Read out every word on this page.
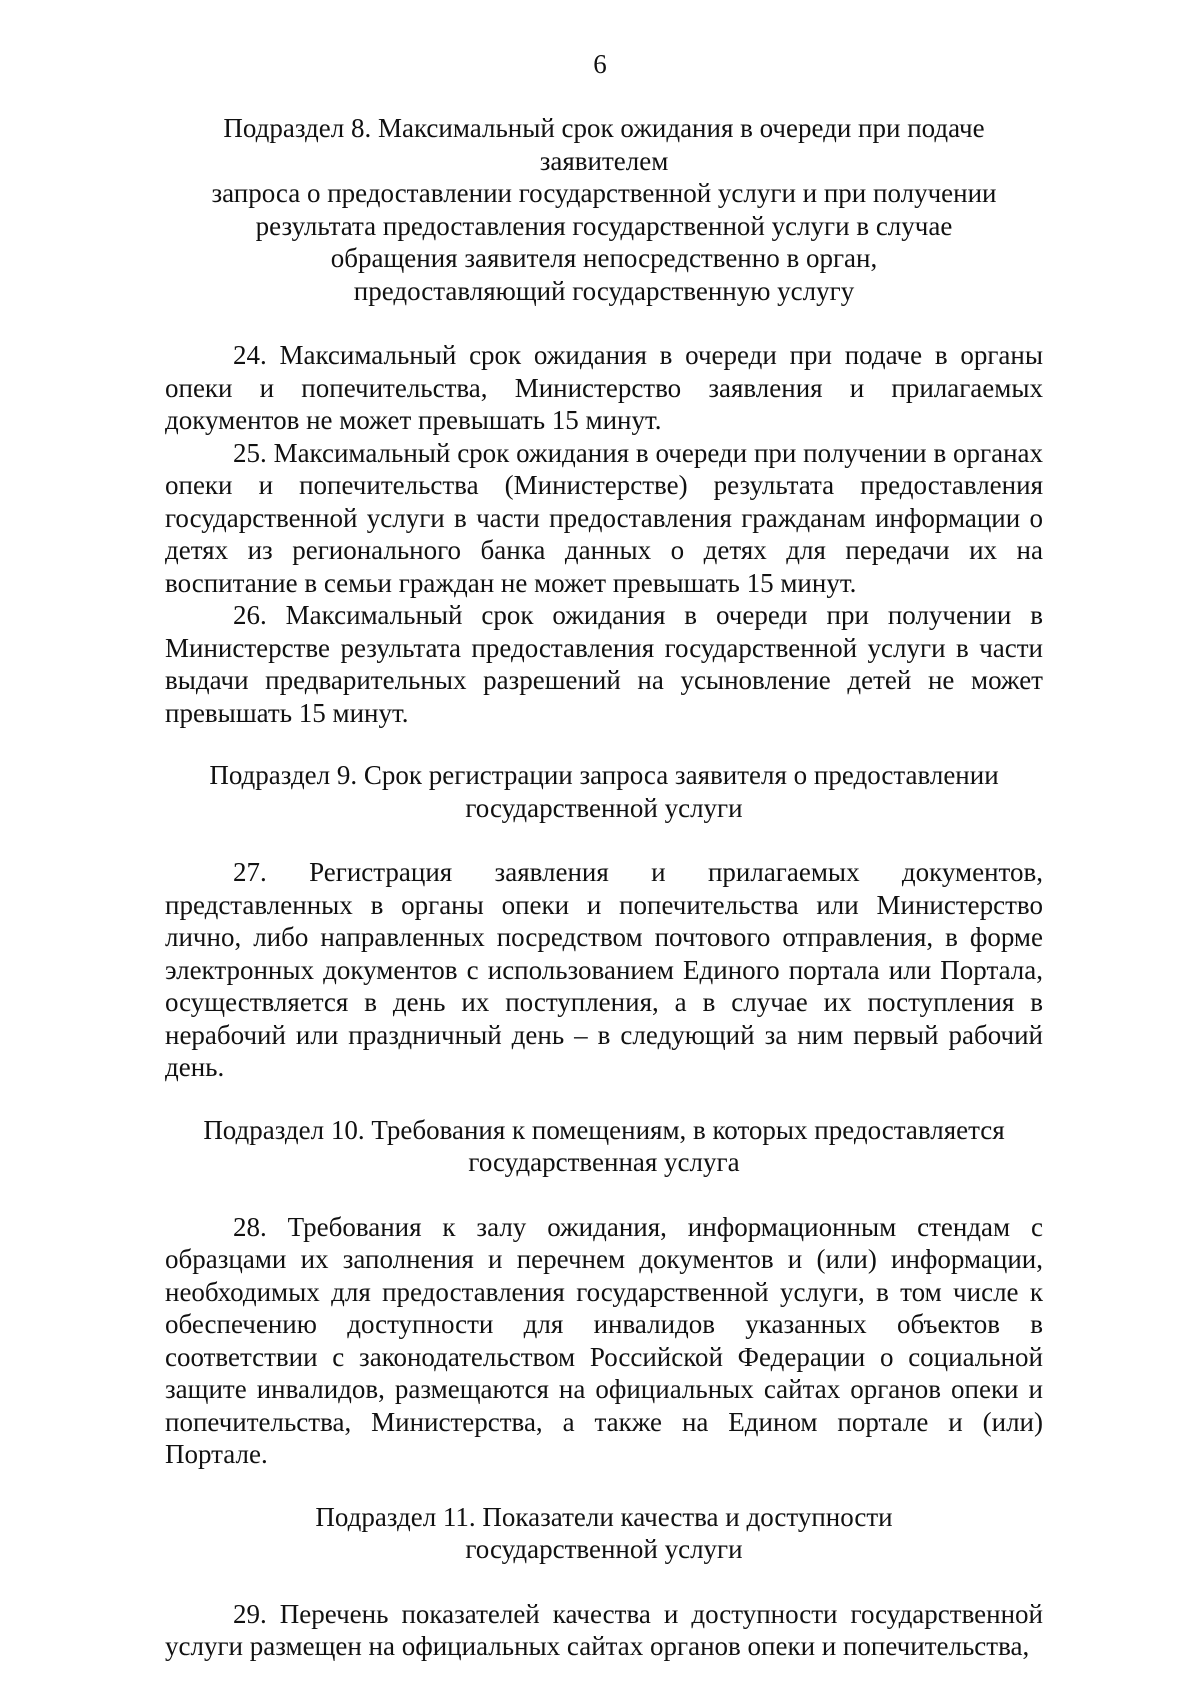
6

Подраздел 8. Максимальный срок ожидания в очереди при подаче заявителем
запроса о предоставлении государственной услуги и при получении
результата предоставления государственной услуги в случае
обращения заявителя непосредственно в орган,
предоставляющий государственную услугу

24. Максимальный срок ожидания в очереди при подаче в органы опеки и попечительства, Министерство заявления и прилагаемых документов не может превышать 15 минут.

25. Максимальный срок ожидания в очереди при получении в органах опеки и попечительства (Министерстве) результата предоставления государственной услуги в части предоставления гражданам информации о детях из регионального банка данных о детях для передачи их на воспитание в семьи граждан не может превышать 15 минут.

26. Максимальный срок ожидания в очереди при получении в Министерстве результата предоставления государственной услуги в части выдачи предварительных разрешений на усыновление детей не может превышать 15 минут.

Подраздел 9. Срок регистрации запроса заявителя о предоставлении
государственной услуги

27. Регистрация заявления и прилагаемых документов, представленных в органы опеки и попечительства или Министерство лично, либо направленных посредством почтового отправления, в форме электронных документов с использованием Единого портала или Портала, осуществляется в день их поступления, а в случае их поступления в нерабочий или праздничный день – в следующий за ним первый рабочий день.

Подраздел 10. Требования к помещениям, в которых предоставляется
государственная услуга

28. Требования к залу ожидания, информационным стендам с образцами их заполнения и перечнем документов и (или) информации, необходимых для предоставления государственной услуги, в том числе к обеспечению доступности для инвалидов указанных объектов в соответствии с законодательством Российской Федерации о социальной защите инвалидов, размещаются на официальных сайтах органов опеки и попечительства, Министерства, а также на Едином портале и (или) Портале.

Подраздел 11. Показатели качества и доступности
государственной услуги

29. Перечень показателей качества и доступности государственной услуги размещен на официальных сайтах органов опеки и попечительства,
